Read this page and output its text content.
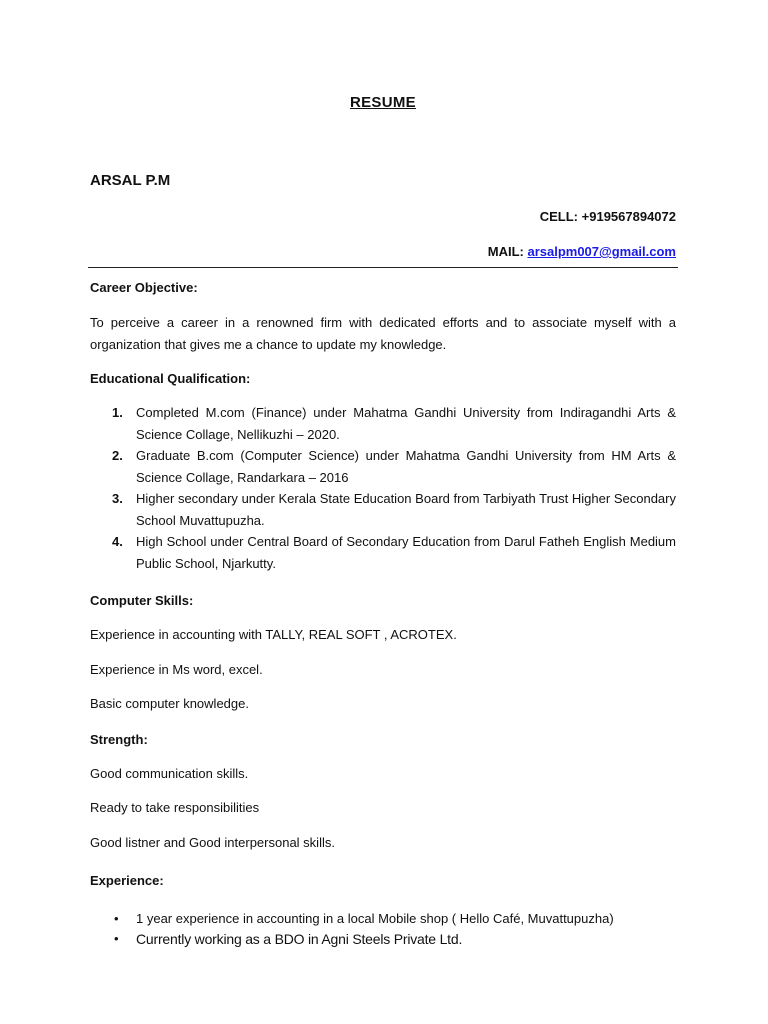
RESUME
ARSAL P.M
CELL: +919567894072
MAIL: arsalpm007@gmail.com
Career Objective:
To perceive a career in a renowned firm with dedicated efforts and to associate myself with a organization that gives me a chance to update my knowledge.
Educational Qualification:
1. Completed M.com (Finance) under Mahatma Gandhi University from Indiragandhi Arts & Science Collage, Nellikuzhi – 2020.
2. Graduate B.com (Computer Science) under Mahatma Gandhi University from HM Arts & Science Collage, Randarkara – 2016
3. Higher secondary under Kerala State Education Board from Tarbiyath Trust Higher Secondary School Muvattupuzha.
4. High School under Central Board of Secondary Education from Darul Fatheh English Medium Public School, Njarkutty.
Computer Skills:
Experience in accounting with TALLY, REAL SOFT , ACROTEX.
Experience in Ms word, excel.
Basic computer knowledge.
Strength:
Good communication skills.
Ready to take responsibilities
Good listner and Good interpersonal skills.
Experience:
• 1 year experience in accounting in a local Mobile shop ( Hello Café, Muvattupuzha)
• Currently working as a BDO in Agni Steels Private Ltd.
